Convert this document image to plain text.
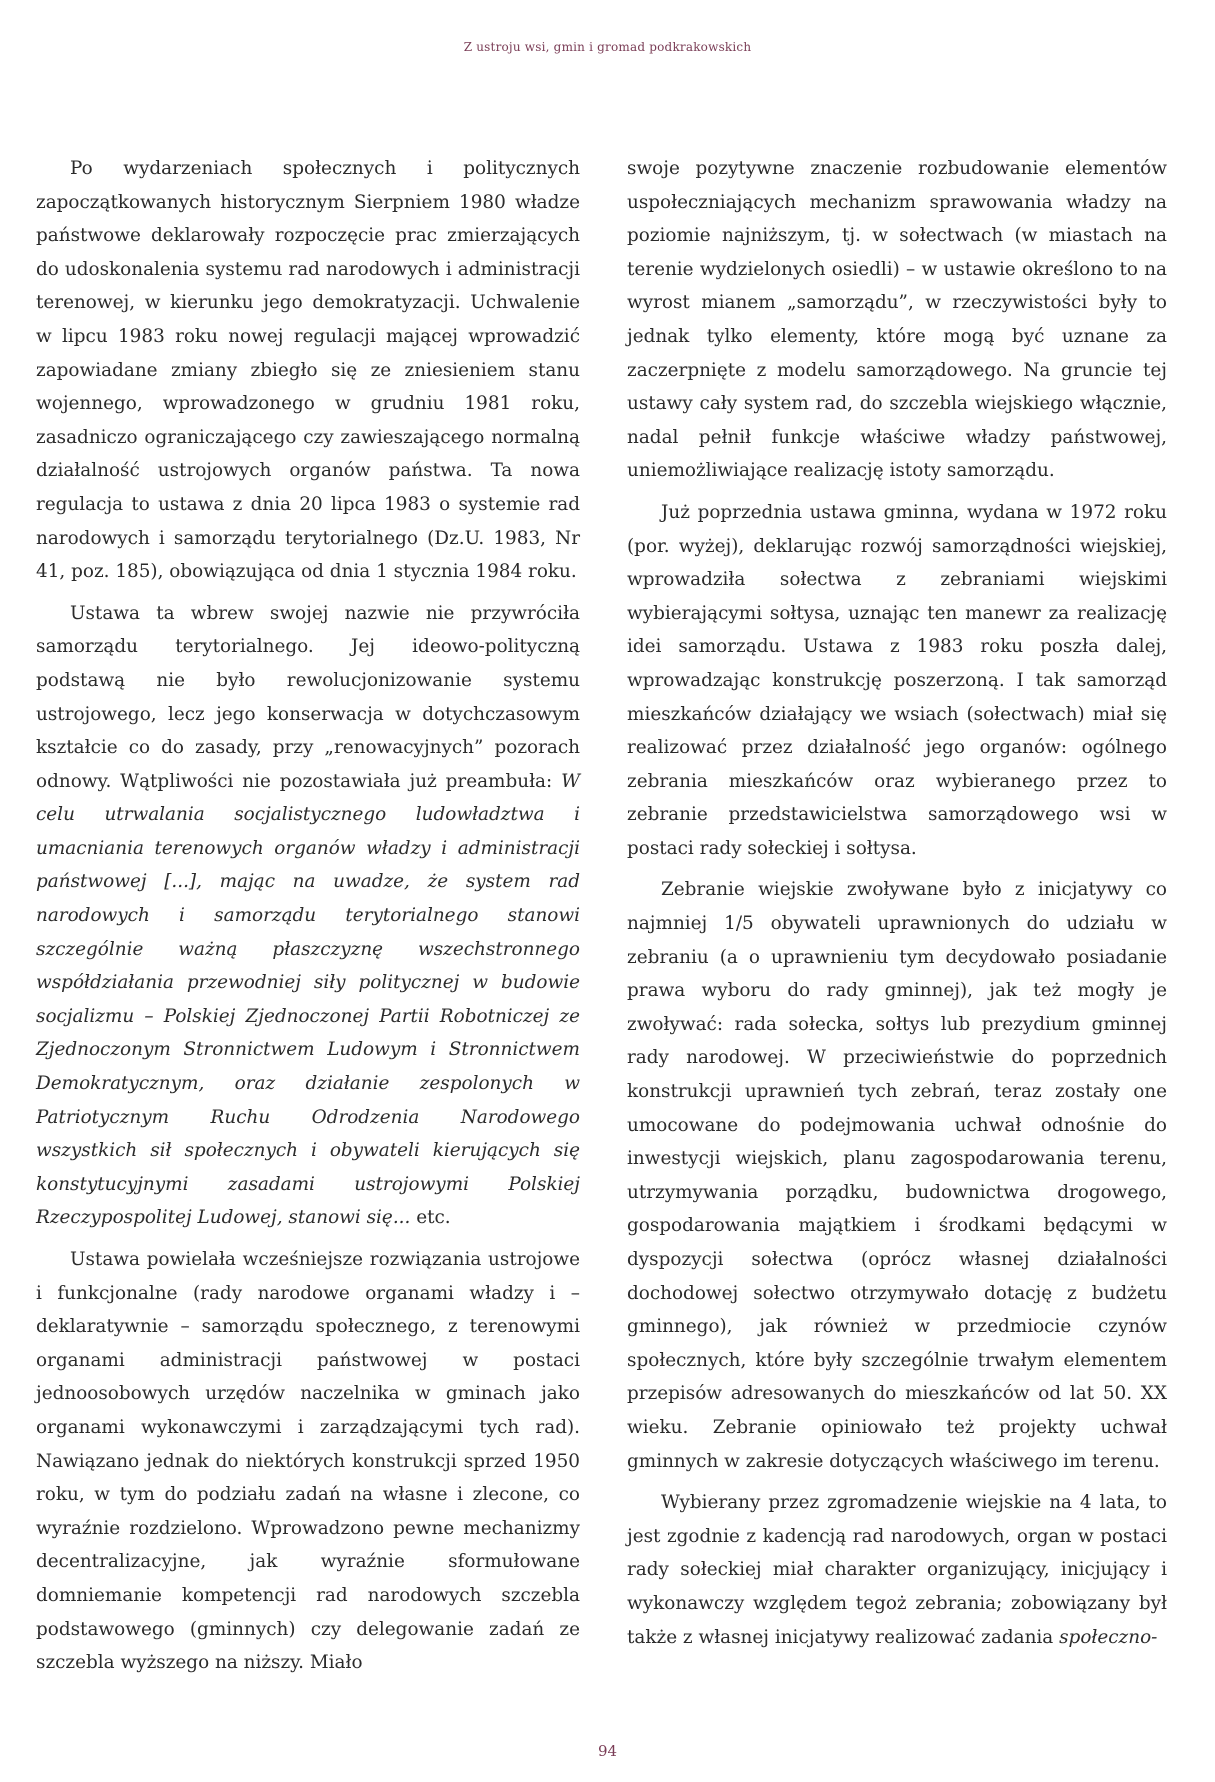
Z ustroju wsi, gmin i gromad podkrakowskich

Po wydarzeniach społecznych i politycznych zapoczątkowanych historycznym Sierpniem 1980 władze państwowe deklarowały rozpoczęcie prac zmierzających do udoskonalenia systemu rad narodowych i administracji terenowej, w kierunku jego demokratyzacji. Uchwalenie w lipcu 1983 roku nowej regulacji mającej wprowadzić zapowiadane zmiany zbiegło się ze zniesieniem stanu wojennego, wprowadzonego w grudniu 1981 roku, zasadniczo ograniczającego czy zawieszającego normalną działalność ustrojowych organów państwa. Ta nowa regulacja to ustawa z dnia 20 lipca 1983 o systemie rad narodowych i samorządu terytorialnego (Dz.U. 1983, Nr 41, poz. 185), obowiązująca od dnia 1 stycznia 1984 roku.

Ustawa ta wbrew swojej nazwie nie przywróciła samorządu terytorialnego. Jej ideowo-polityczną podstawą nie było rewolucjonizowanie systemu ustrojowego, lecz jego konserwacja w dotychczasowym kształcie co do zasady, przy „renowacyjnych” pozorach odnowy. Wątpliwości nie pozostawiała już preambuła: W celu utrwalania socjalistycznego ludowładztwa i umacniania terenowych organów władzy i administracji państwowej [...], mając na uwadze, że system rad narodowych i samorządu terytorialnego stanowi szczególnie ważną płaszczyznę wszechstronnego współdziałania przewodniej siły politycznej w budowie socjalizmu – Polskiej Zjednoczonej Partii Robotniczej ze Zjednoczonym Stronnictwem Ludowym i Stronnictwem Demokratycznym, oraz działanie zespolonych w Patriotycznym Ruchu Odrodzenia Narodowego wszystkich sił społecznych i obywateli kierujących się konstytucyjnymi zasadami ustrojowymi Polskiej Rzeczypospolitej Ludowej, stanowi się... etc.

Ustawa powielała wcześniejsze rozwiązania ustrojowe i funkcjonalne (rady narodowe organami władzy i – deklaratywnie – samorządu społecznego, z terenowymi organami administracji państwowej w postaci jednoosobowych urzędów naczelnika w gminach jako organami wykonawczymi i zarządzającymi tych rad). Nawiązano jednak do niektórych konstrukcji sprzed 1950 roku, w tym do podziału zadań na własne i zlecone, co wyraźnie rozdzielono. Wprowadzono pewne mechanizmy decentralizacyjne, jak wyraźnie sformułowane domniemanie kompetencji rad narodowych szczebla podstawowego (gminnych) czy delegowanie zadań ze szczebla wyższego na niższy. Miało

swoje pozytywne znaczenie rozbudowanie elementów uspołeczniających mechanizm sprawowania władzy na poziomie najniższym, tj. w sołectwach (w miastach na terenie wydzielonych osiedli) – w ustawie określono to na wyrost mianem „samorządu”, w rzeczywistości były to jednak tylko elementy, które mogą być uznane za zaczerpnięte z modelu samorządowego. Na gruncie tej ustawy cały system rad, do szczebla wiejskiego włącznie, nadal pełnił funkcje właściwe władzy państwowej, uniemożliwiające realizację istoty samorządu.

Już poprzednia ustawa gminna, wydana w 1972 roku (por. wyżej), deklarując rozwój samorządności wiejskiej, wprowadziła sołectwa z zebraniami wiejskimi wybierającymi sołtysa, uznając ten manewr za realizację idei samorządu. Ustawa z 1983 roku poszła dalej, wprowadzając konstrukcję poszerzoną. I tak samorząd mieszkańców działający we wsiach (sołectwach) miał się realizować przez działalność jego organów: ogólnego zebrania mieszkańców oraz wybieranego przez to zebranie przedstawicielstwa samorządowego wsi w postaci rady sołeckiej i sołtysa.

Zebranie wiejskie zwoływane było z inicjatywy co najmniej 1/5 obywateli uprawnionych do udziału w zebraniu (a o uprawnieniu tym decydowało posiadanie prawa wyboru do rady gminnej), jak też mogły je zwoływać: rada sołecka, sołtys lub prezydium gminnej rady narodowej. W przeciwieństwie do poprzednich konstrukcji uprawnień tych zebrań, teraz zostały one umocowane do podejmowania uchwał odnośnie do inwestycji wiejskich, planu zagospodarowania terenu, utrzymywania porządku, budownictwa drogowego, gospodarowania majątkiem i środkami będącymi w dyspozycji sołectwa (oprócz własnej działalności dochodowej sołectwo otrzymywało dotację z budżetu gminnego), jak również w przedmiocie czynów społecznych, które były szczególnie trwałym elementem przepisów adresowanych do mieszkańców od lat 50. XX wieku. Zebranie opiniowało też projekty uchwał gminnych w zakresie dotyczących właściwego im terenu.

Wybierany przez zgromadzenie wiejskie na 4 lata, to jest zgodnie z kadencją rad narodowych, organ w postaci rady sołeckiej miał charakter organizujący, inicjujący i wykonawczy względem tegoż zebrania; zobowiązany był także z własnej inicjatywy realizować zadania społeczno-

94
